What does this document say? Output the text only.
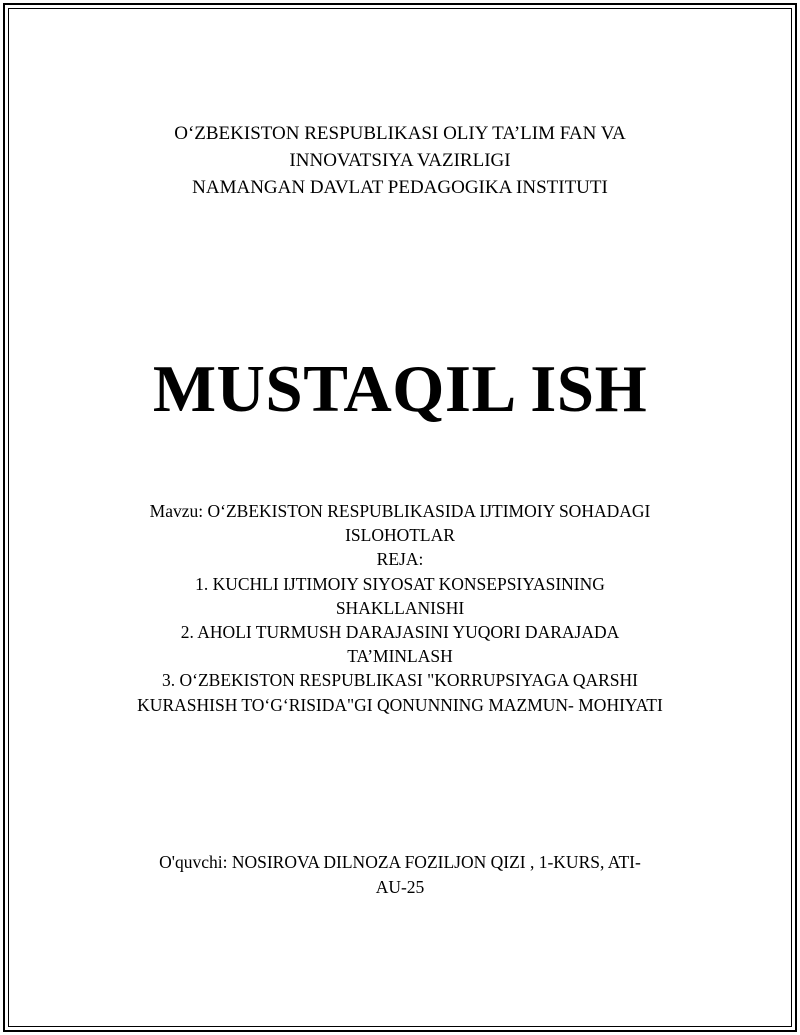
O‘ZBEKISTON RESPUBLIKASI OLIY TA’LIM FAN VA
INNOVATSIYA VAZIRLIGI
NAMANGAN DAVLAT PEDAGOGIKA INSTITUTI
MUSTAQIL ISH
Mavzu: O‘ZBEKISTON RESPUBLIKASIDA IJTIMOIY SOHADAGI
ISLOHOTLAR
REJA:
1. KUCHLI IJTIMOIY SIYOSAT KONSEPSIYASINING
SHAKLLANISHI
2. AHOLI TURMUSH DARAJASINI YUQORI DARAJADA
TA’MINLASH
3. O‘ZBEKISTON RESPUBLIKASI "KORRUPSIYAGA QARSHI
KURASHISH TO‘G‘RISIDA"GI QONUNNING MAZMUN- MOHIYATI
O'quvchi: NOSIROVA DILNOZA FOZILJON QIZI , 1-KURS, ATI-
AU-25
